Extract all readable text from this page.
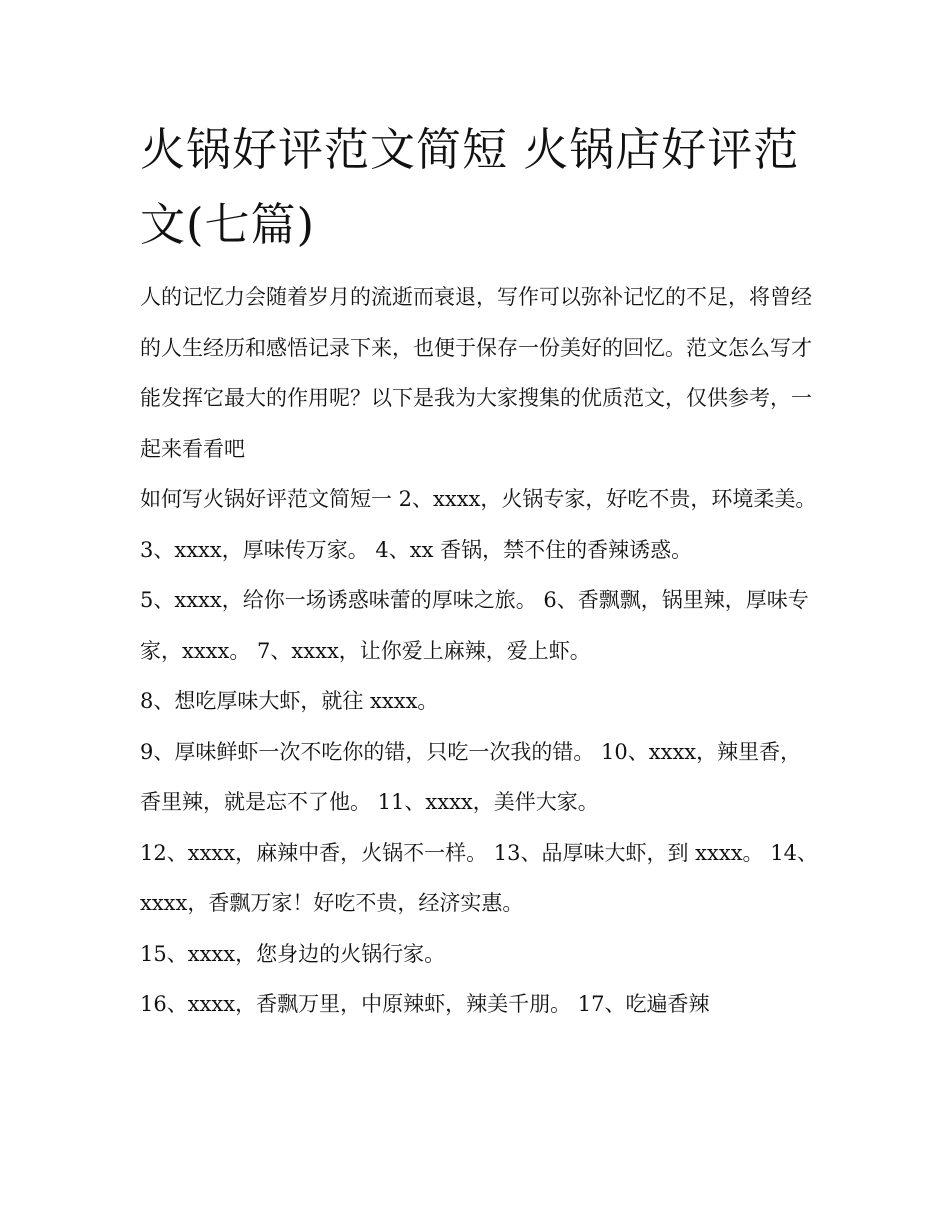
火锅好评范文简短 火锅店好评范文(七篇)

人的记忆力会随着岁月的流逝而衰退，写作可以弥补记忆的不足，将曾经的人生经历和感悟记录下来，也便于保存一份美好的回忆。范文怎么写才能发挥它最大的作用呢？以下是我为大家搜集的优质范文，仅供参考，一起来看看吧

如何写火锅好评范文简短一 2、xxxx，火锅专家，好吃不贵，环境柔美。 3、xxxx，厚味传万家。 4、xx 香锅，禁不住的香辣诱惑。

5、xxxx，给你一场诱惑味蕾的厚味之旅。 6、香飘飘，锅里辣，厚味专家，xxxx。 7、xxxx，让你爱上麻辣，爱上虾。

8、想吃厚味大虾，就往 xxxx。

9、厚味鲜虾一次不吃你的错，只吃一次我的错。 10、xxxx，辣里香，香里辣，就是忘不了他。 11、xxxx，美伴大家。

12、xxxx，麻辣中香，火锅不一样。 13、品厚味大虾，到 xxxx。 14、xxxx，香飘万家！好吃不贵，经济实惠。

15、xxxx，您身边的火锅行家。

16、xxxx，香飘万里，中原辣虾，辣美千朋。 17、吃遍香辣
